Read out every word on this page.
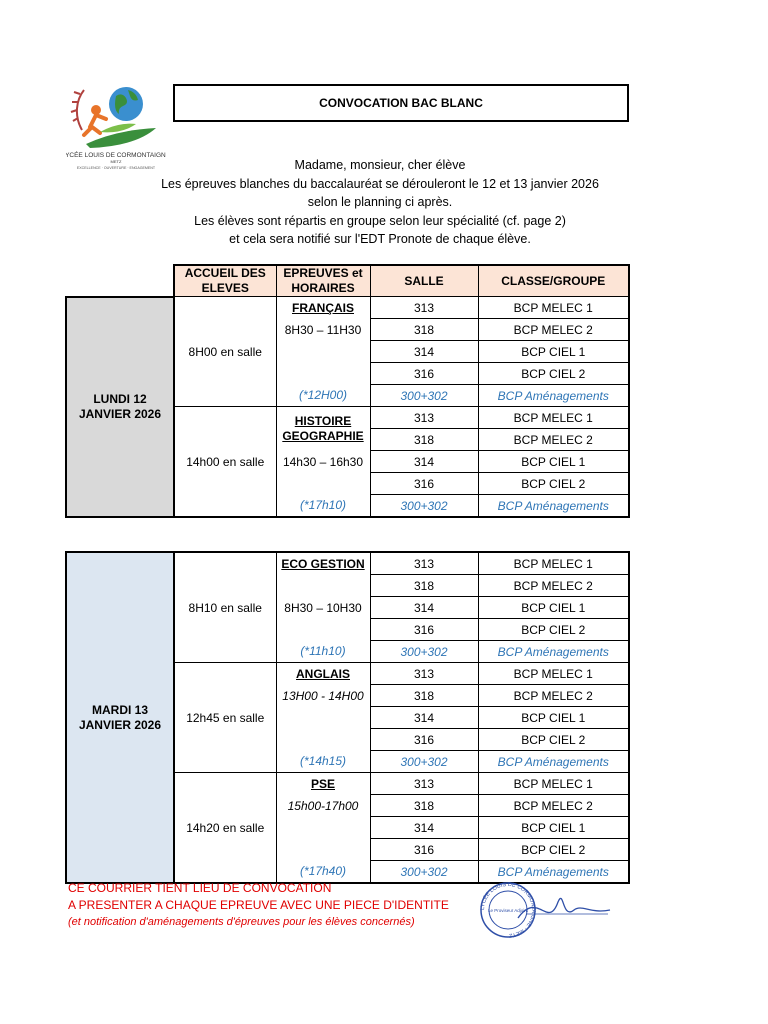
LYCÉE LOUIS DE CORMONTAIGNE
METZ
EXCELLENCE · OUVERTURE · ENGAGEMENT
CONVOCATION BAC BLANC
Madame, monsieur, cher élève
Les épreuves blanches du baccalauréat se dérouleront le 12 et 13 janvier 2026
selon le planning ci après.
Les élèves sont répartis en groupe selon leur spécialité (cf. page 2)
et cela sera notifié sur l'EDT Pronote de chaque élève.
	ACCUEIL DES ELEVES	EPREUVES et HORAIRES	SALLE	CLASSE/GROUPE
LUNDI 12 JANVIER 2026	8H00 en salle	FRANÇAIS	313	BCP MELEC 1
		8H30 – 11H30	318	BCP MELEC 2
			314	BCP CIEL 1
			316	BCP CIEL 2
		(*12H00)	300+302	BCP Aménagements
	14h00 en salle	HISTOIRE GEOGRAPHIE	313	BCP MELEC 1
			318	BCP MELEC 2
		14h30 – 16h30	314	BCP CIEL 1
			316	BCP CIEL 2
		(*17h10)	300+302	BCP Aménagements
MARDI 13 JANVIER 2026	8H10 en salle	ECO GESTION	313	BCP MELEC 1
		8H30 – 10H30	318	BCP MELEC 2
			314	BCP CIEL 1
			316	BCP CIEL 2
		(*11h10)	300+302	BCP Aménagements
	12h45 en salle	ANGLAIS	313	BCP MELEC 1
		13H00 - 14H00	318	BCP MELEC 2
			314	BCP CIEL 1
			316	BCP CIEL 2
		(*14h15)	300+302	BCP Aménagements
	14h20 en salle	PSE	313	BCP MELEC 1
		15h00-17h00	318	BCP MELEC 2
			314	BCP CIEL 1
			316	BCP CIEL 2
		(*17h40)	300+302	BCP Aménagements
CE COURRIER TIENT LIEU DE CONVOCATION
A PRESENTER A CHAQUE EPREUVE AVEC UNE PIECE D'IDENTITE
(et notification d'aménagements d'épreuves pour les élèves concernés)
LYCÉE LOUIS DE CORMONTAIGNE · METZ
Le Proviseur Adjoint
